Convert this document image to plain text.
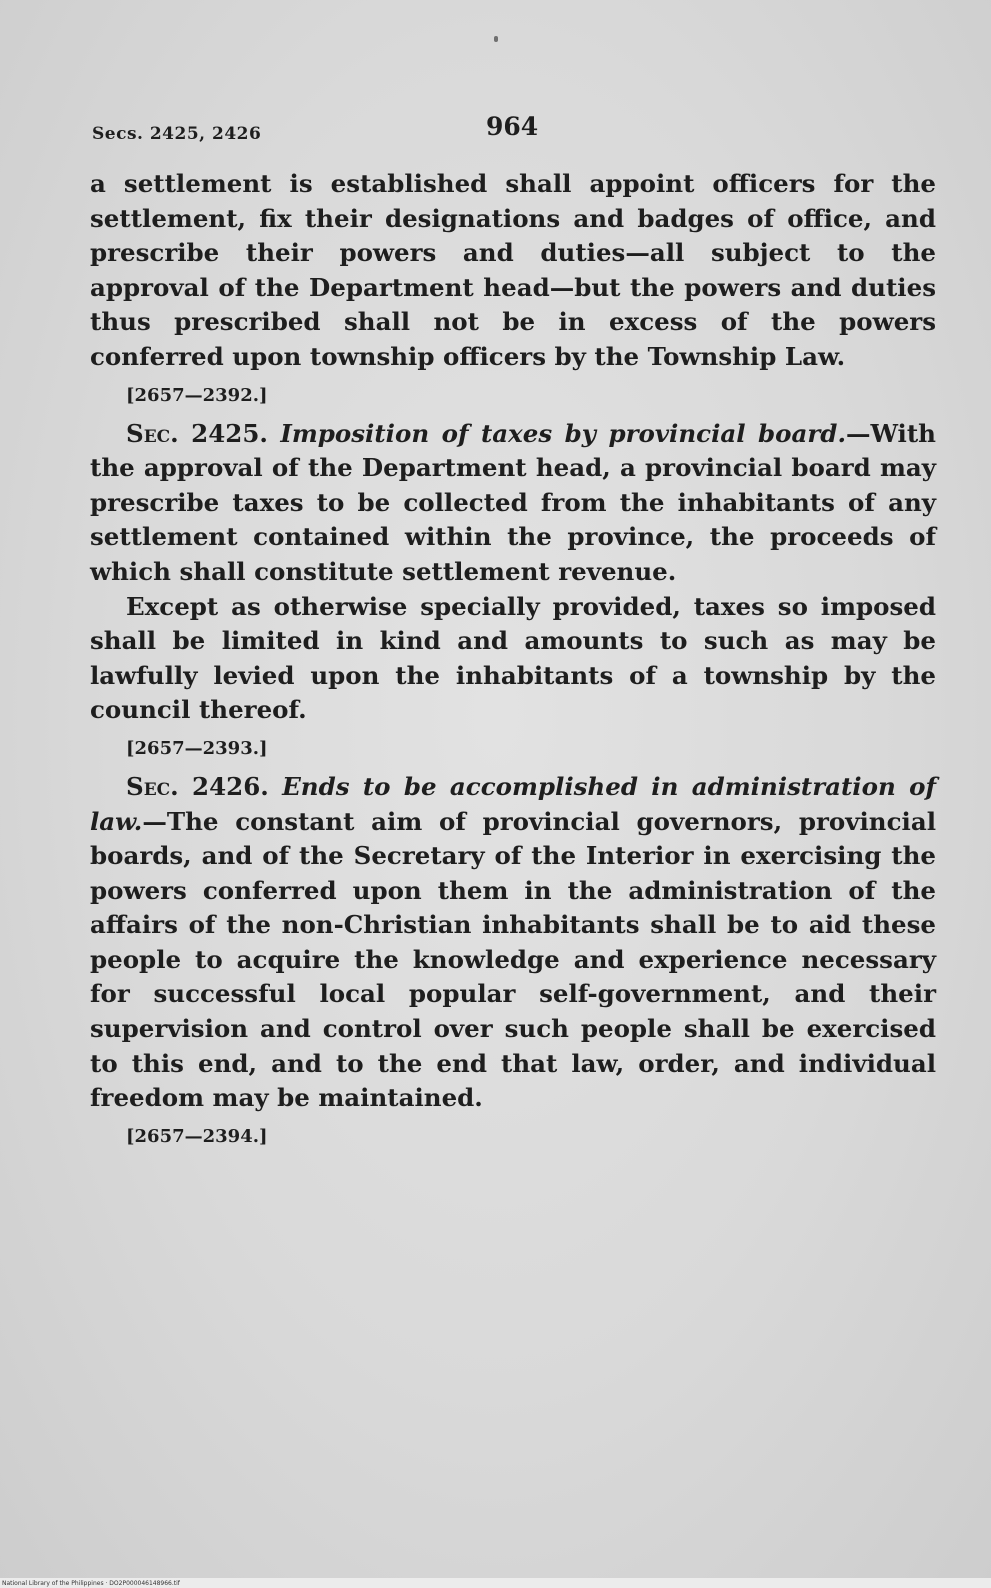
Secs. 2425, 2426	964

a settlement is established shall appoint officers for the settlement, fix their designations and badges of office, and prescribe their powers and duties—all subject to the approval of the Department head—but the powers and duties thus prescribed shall not be in excess of the powers conferred upon township officers by the Township Law.

[2657—2392.]

Sec. 2425. Imposition of taxes by provincial board.—With the approval of the Department head, a provincial board may prescribe taxes to be collected from the inhabitants of any settlement contained within the province, the proceeds of which shall constitute settlement revenue.

Except as otherwise specially provided, taxes so imposed shall be limited in kind and amounts to such as may be lawfully levied upon the inhabitants of a township by the council thereof.

[2657—2393.]

Sec. 2426. Ends to be accomplished in administration of law.—The constant aim of provincial governors, provincial boards, and of the Secretary of the Interior in exercising the powers conferred upon them in the administration of the affairs of the non-Christian inhabitants shall be to aid these people to acquire the knowledge and experience necessary for successful local popular self-government, and their supervision and control over such people shall be exercised to this end, and to the end that law, order, and individual freedom may be maintained.

[2657—2394.]

National Library of the Philippines · DO2P000046148966.tif
